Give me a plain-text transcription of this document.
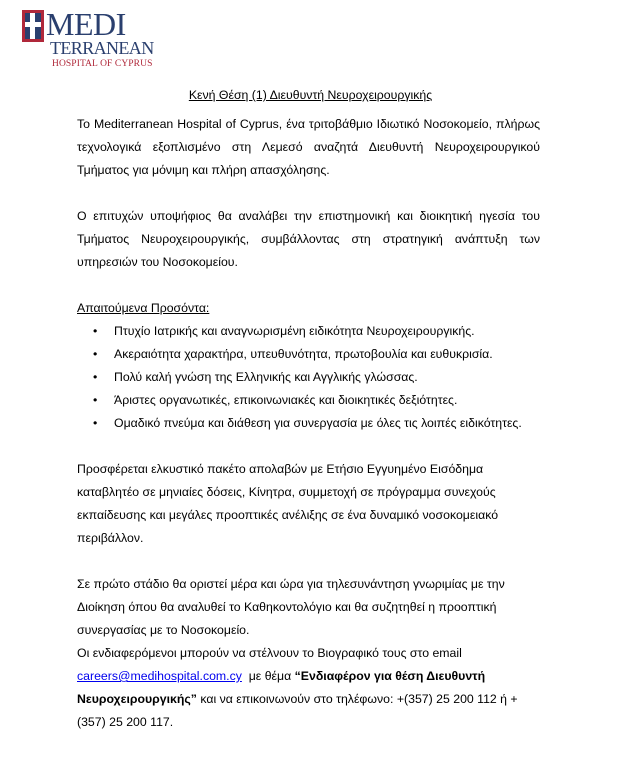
MEDI
TERRANEAN
HOSPITAL OF CYPRUS
Κενή Θέση (1) Διευθυντή Νευροχειρουργικής

Το Mediterranean Hospital of Cyprus, ένα τριτοβάθμιο Ιδιωτικό Νοσοκομείο, πλήρως τεχνολογικά εξοπλισμένο στη Λεμεσό αναζητά Διευθυντή Νευροχειρουργικού Τμήματος για μόνιμη και πλήρη απασχόλησης.

Ο επιτυχών υποψήφιος θα αναλάβει την επιστημονική και διοικητική ηγεσία του Τμήματος Νευροχειρουργικής, συμβάλλοντας στη στρατηγική ανάπτυξη των υπηρεσιών του Νοσοκομείου.

Απαιτούμενα Προσόντα:

• Πτυχίο Ιατρικής και αναγνωρισμένη ειδικότητα Νευροχειρουργικής.
• Ακεραιότητα χαρακτήρα, υπευθυνότητα, πρωτοβουλία και ευθυκρισία.
• Πολύ καλή γνώση της Ελληνικής και Αγγλικής γλώσσας.
• Άριστες οργανωτικές, επικοινωνιακές και διοικητικές δεξιότητες.
• Ομαδικό πνεύμα και διάθεση για συνεργασία με όλες τις λοιπές ειδικότητες.

Προσφέρεται ελκυστικό πακέτο απολαβών με Ετήσιο Εγγυημένο Εισόδημα καταβλητέο σε μηνιαίες δόσεις, Κίνητρα, συμμετοχή σε πρόγραμμα συνεχούς εκπαίδευσης και μεγάλες προοπτικές ανέλιξης σε ένα δυναμικό νοσοκομειακό περιβάλλον.

Σε πρώτο στάδιο θα οριστεί μέρα και ώρα για τηλεσυνάντηση γνωριμίας με την Διοίκηση όπου θα αναλυθεί το Καθηκοντολόγιο και θα συζητηθεί η προοπτική συνεργασίας με το Νοσοκομείο.

Οι ενδιαφερόμενοι μπορούν να στέλνουν το Βιογραφικό τους στο email careers@medihospital.com.cy  με θέμα “Ενδιαφέρον για θέση Διευθυντή Νευροχειρουργικής” και να επικοινωνούν στο τηλέφωνο: +(357) 25 200 112 ή +(357) 25 200 117.
